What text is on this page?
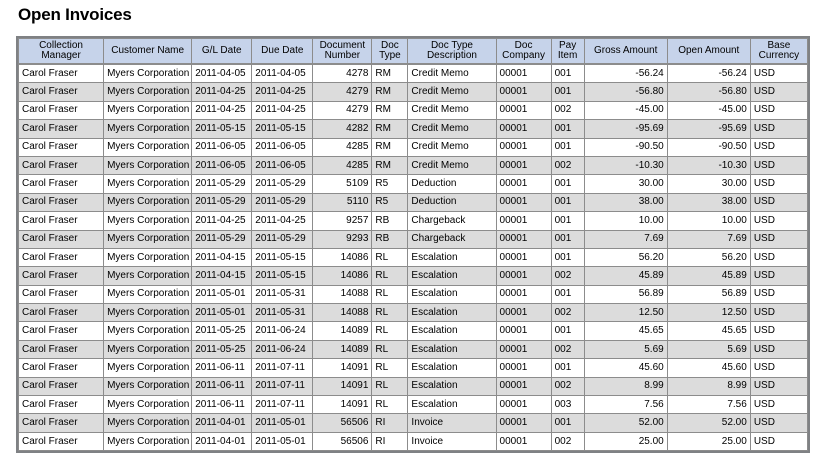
Open Invoices
Collection Manager	Customer Name	G/L Date	Due Date	Document Number	Doc Type	Doc Type Description	Doc Company	Pay Item	Gross Amount	Open Amount	Base Currency
Carol Fraser	Myers Corporation	2011-04-05	2011-04-05	4278	RM	Credit Memo	00001	001	-56.24	-56.24	USD
Carol Fraser	Myers Corporation	2011-04-25	2011-04-25	4279	RM	Credit Memo	00001	001	-56.80	-56.80	USD
Carol Fraser	Myers Corporation	2011-04-25	2011-04-25	4279	RM	Credit Memo	00001	002	-45.00	-45.00	USD
Carol Fraser	Myers Corporation	2011-05-15	2011-05-15	4282	RM	Credit Memo	00001	001	-95.69	-95.69	USD
Carol Fraser	Myers Corporation	2011-06-05	2011-06-05	4285	RM	Credit Memo	00001	001	-90.50	-90.50	USD
Carol Fraser	Myers Corporation	2011-06-05	2011-06-05	4285	RM	Credit Memo	00001	002	-10.30	-10.30	USD
Carol Fraser	Myers Corporation	2011-05-29	2011-05-29	5109	R5	Deduction	00001	001	30.00	30.00	USD
Carol Fraser	Myers Corporation	2011-05-29	2011-05-29	5110	R5	Deduction	00001	001	38.00	38.00	USD
Carol Fraser	Myers Corporation	2011-04-25	2011-04-25	9257	RB	Chargeback	00001	001	10.00	10.00	USD
Carol Fraser	Myers Corporation	2011-05-29	2011-05-29	9293	RB	Chargeback	00001	001	7.69	7.69	USD
Carol Fraser	Myers Corporation	2011-04-15	2011-05-15	14086	RL	Escalation	00001	001	56.20	56.20	USD
Carol Fraser	Myers Corporation	2011-04-15	2011-05-15	14086	RL	Escalation	00001	002	45.89	45.89	USD
Carol Fraser	Myers Corporation	2011-05-01	2011-05-31	14088	RL	Escalation	00001	001	56.89	56.89	USD
Carol Fraser	Myers Corporation	2011-05-01	2011-05-31	14088	RL	Escalation	00001	002	12.50	12.50	USD
Carol Fraser	Myers Corporation	2011-05-25	2011-06-24	14089	RL	Escalation	00001	001	45.65	45.65	USD
Carol Fraser	Myers Corporation	2011-05-25	2011-06-24	14089	RL	Escalation	00001	002	5.69	5.69	USD
Carol Fraser	Myers Corporation	2011-06-11	2011-07-11	14091	RL	Escalation	00001	001	45.60	45.60	USD
Carol Fraser	Myers Corporation	2011-06-11	2011-07-11	14091	RL	Escalation	00001	002	8.99	8.99	USD
Carol Fraser	Myers Corporation	2011-06-11	2011-07-11	14091	RL	Escalation	00001	003	7.56	7.56	USD
Carol Fraser	Myers Corporation	2011-04-01	2011-05-01	56506	RI	Invoice	00001	001	52.00	52.00	USD
Carol Fraser	Myers Corporation	2011-04-01	2011-05-01	56506	RI	Invoice	00001	002	25.00	25.00	USD
